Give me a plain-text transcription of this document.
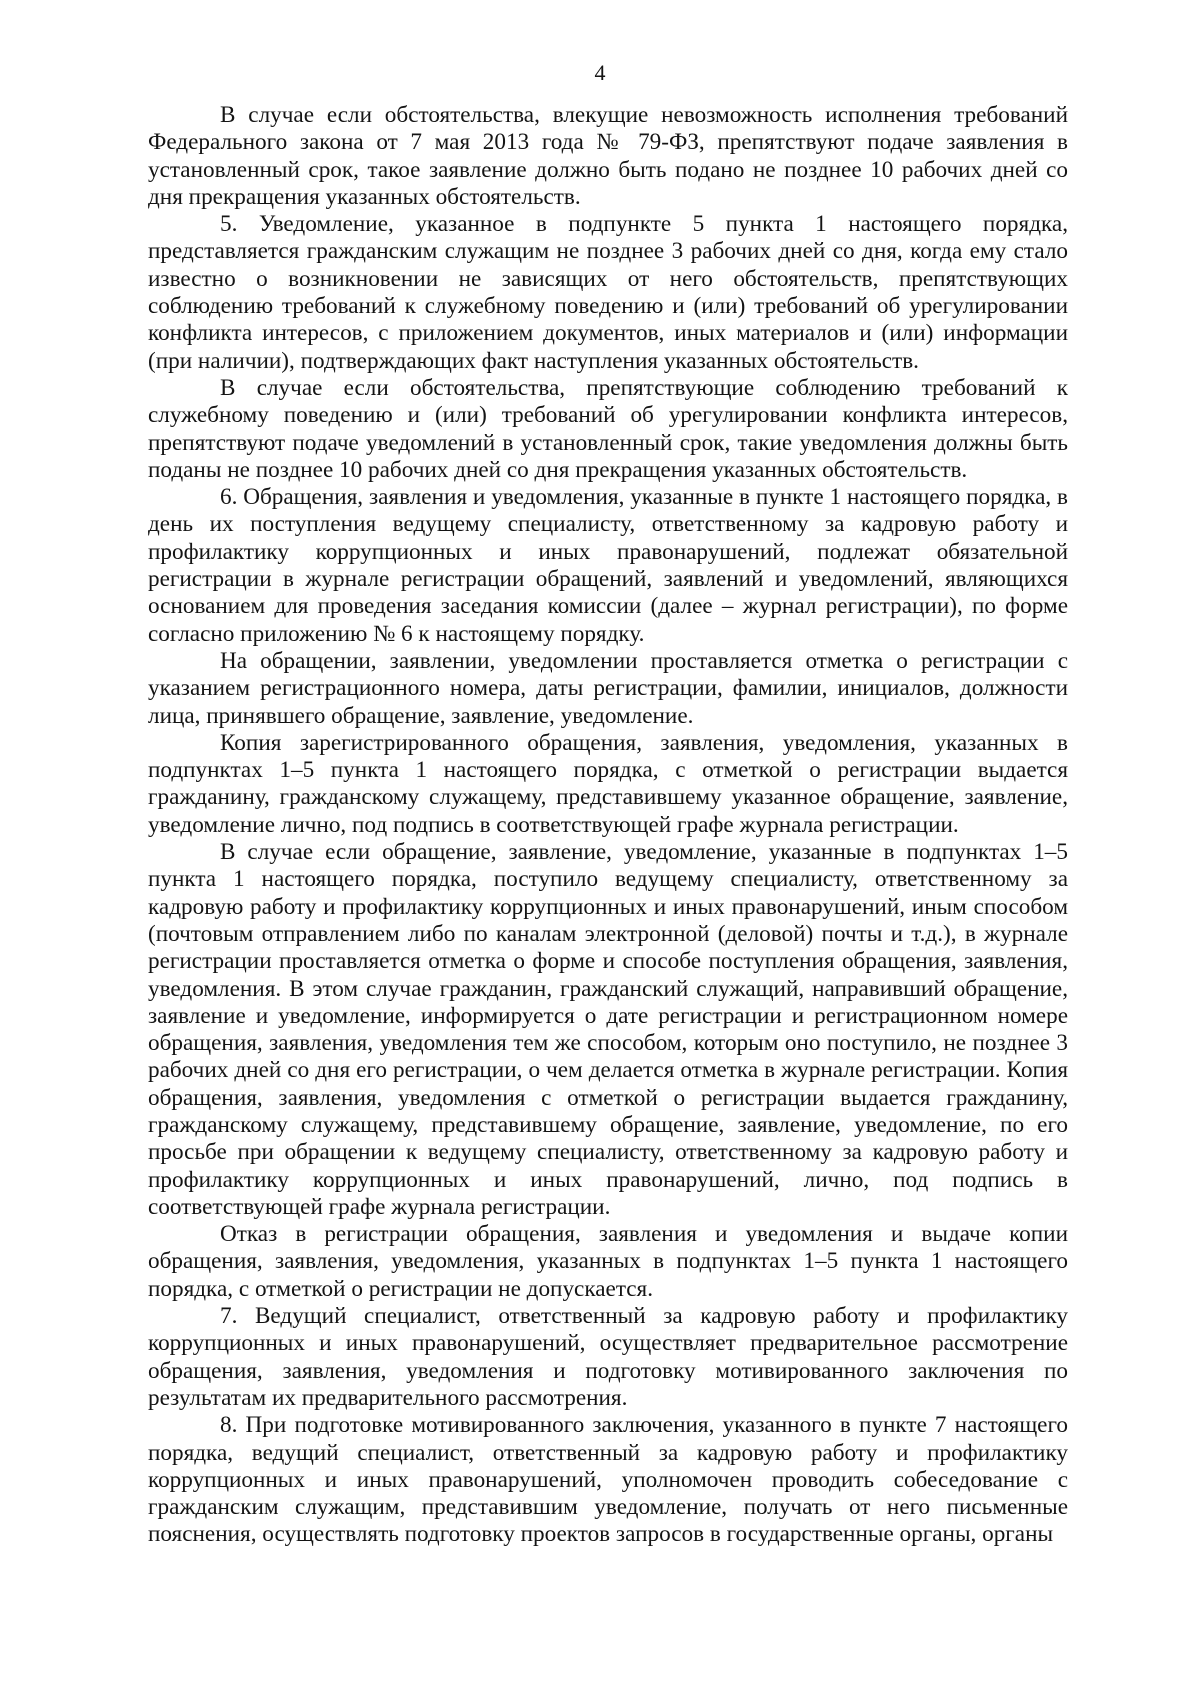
4

В случае если обстоятельства, влекущие невозможность исполнения требований Федерального закона от 7 мая 2013 года № 79-ФЗ, препятствуют подаче заявления в установленный срок, такое заявление должно быть подано не позднее 10 рабочих дней со дня прекращения указанных обстоятельств.

5. Уведомление, указанное в подпункте 5 пункта 1 настоящего порядка, представляется гражданским служащим не позднее 3 рабочих дней со дня, когда ему стало известно о возникновении не зависящих от него обстоятельств, препятствующих соблюдению требований к служебному поведению и (или) требований об урегулировании конфликта интересов, с приложением документов, иных материалов и (или) информации (при наличии), подтверждающих факт наступления указанных обстоятельств.

В случае если обстоятельства, препятствующие соблюдению требований к служебному поведению и (или) требований об урегулировании конфликта интересов, препятствуют подаче уведомлений в установленный срок, такие уведомления должны быть поданы не позднее 10 рабочих дней со дня прекращения указанных обстоятельств.

6. Обращения, заявления и уведомления, указанные в пункте 1 настоящего порядка, в день их поступления ведущему специалисту, ответственному за кадровую работу и профилактику коррупционных и иных правонарушений, подлежат обязательной регистрации в журнале регистрации обращений, заявлений и уведомлений, являющихся основанием для проведения заседания комиссии (далее – журнал регистрации), по форме согласно приложению № 6 к настоящему порядку.

На обращении, заявлении, уведомлении проставляется отметка о регистрации с указанием регистрационного номера, даты регистрации, фамилии, инициалов, должности лица, принявшего обращение, заявление, уведомление.

Копия зарегистрированного обращения, заявления, уведомления, указанных в подпунктах 1–5 пункта 1 настоящего порядка, с отметкой о регистрации выдается гражданину, гражданскому служащему, представившему указанное обращение, заявление, уведомление лично, под подпись в соответствующей графе журнала регистрации.

В случае если обращение, заявление, уведомление, указанные в подпунктах 1–5 пункта 1 настоящего порядка, поступило ведущему специалисту, ответственному за кадровую работу и профилактику коррупционных и иных правонарушений, иным способом (почтовым отправлением либо по каналам электронной (деловой) почты и т.д.), в журнале регистрации проставляется отметка о форме и способе поступления обращения, заявления, уведомления. В этом случае гражданин, гражданский служащий, направивший обращение, заявление и уведомление, информируется о дате регистрации и регистрационном номере обращения, заявления, уведомления тем же способом, которым оно поступило, не позднее 3 рабочих дней со дня его регистрации, о чем делается отметка в журнале регистрации. Копия обращения, заявления, уведомления с отметкой о регистрации выдается гражданину, гражданскому служащему, представившему обращение, заявление, уведомление, по его просьбе при обращении к ведущему специалисту, ответственному за кадровую работу и профилактику коррупционных и иных правонарушений, лично, под подпись в соответствующей графе журнала регистрации.

Отказ в регистрации обращения, заявления и уведомления и выдаче копии обращения, заявления, уведомления, указанных в подпунктах 1–5 пункта 1 настоящего порядка, с отметкой о регистрации не допускается.

7. Ведущий специалист, ответственный за кадровую работу и профилактику коррупционных и иных правонарушений, осуществляет предварительное рассмотрение обращения, заявления, уведомления и подготовку мотивированного заключения по результатам их предварительного рассмотрения.

8. При подготовке мотивированного заключения, указанного в пункте 7 настоящего порядка, ведущий специалист, ответственный за кадровую работу и профилактику коррупционных и иных правонарушений, уполномочен проводить собеседование с гражданским служащим, представившим уведомление, получать от него письменные пояснения, осуществлять подготовку проектов запросов в государственные органы, органы
